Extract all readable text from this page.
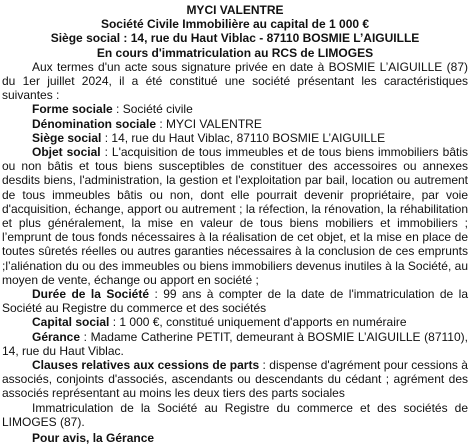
MYCI VALENTRE

Société Civile Immobilière au capital de 1 000 €

Siège social : 14, rue du Haut Viblac - 87110 BOSMIE L’AIGUILLE

En cours d'immatriculation au RCS de LIMOGES

Aux termes d'un acte sous signature privée en date à BOSMIE L’AIGUILLE (87) du 1er juillet 2024, il a été constitué une société présentant les caractéristiques suivantes :

Forme sociale : Société civile

Dénomination sociale : MYCI VALENTRE

Siège social : 14, rue du Haut Viblac, 87110 BOSMIE L’AIGUILLE

Objet social : L'acquisition de tous immeubles et de tous biens immobiliers bâtis ou non bâtis et tous biens susceptibles de constituer des accessoires ou annexes desdits biens, l'administration, la gestion et l'exploitation par bail, location ou autrement de tous immeubles bâtis ou non, dont elle pourrait devenir propriétaire, par voie d'acquisition, échange, apport ou autrement ; la réfection, la rénovation, la réhabilitation et plus généralement, la mise en valeur de tous biens mobiliers et immobiliers ; l’emprunt de tous fonds nécessaires à la réalisation de cet objet, et la mise en place de toutes sûretés réelles ou autres garanties nécessaires à la conclusion de ces emprunts ;l’aliénation du ou des immeubles ou biens immobiliers devenus inutiles à la Société, au moyen de vente, échange ou apport en société ;

Durée de la Société : 99 ans à compter de la date de l'immatriculation de la Société au Registre du commerce et des sociétés

Capital social : 1 000 €, constitué uniquement d'apports en numéraire

Gérance : Madame Catherine PETIT, demeurant à BOSMIE L’AIGUILLE (87110), 14, rue du Haut Viblac.

Clauses relatives aux cessions de parts : dispense d'agrément pour cessions à associés, conjoints d'associés, ascendants ou descendants du cédant ; agrément des associés représentant au moins les deux tiers des parts sociales

Immatriculation de la Société au Registre du commerce et des sociétés de LIMOGES (87).

Pour avis, la Gérance
